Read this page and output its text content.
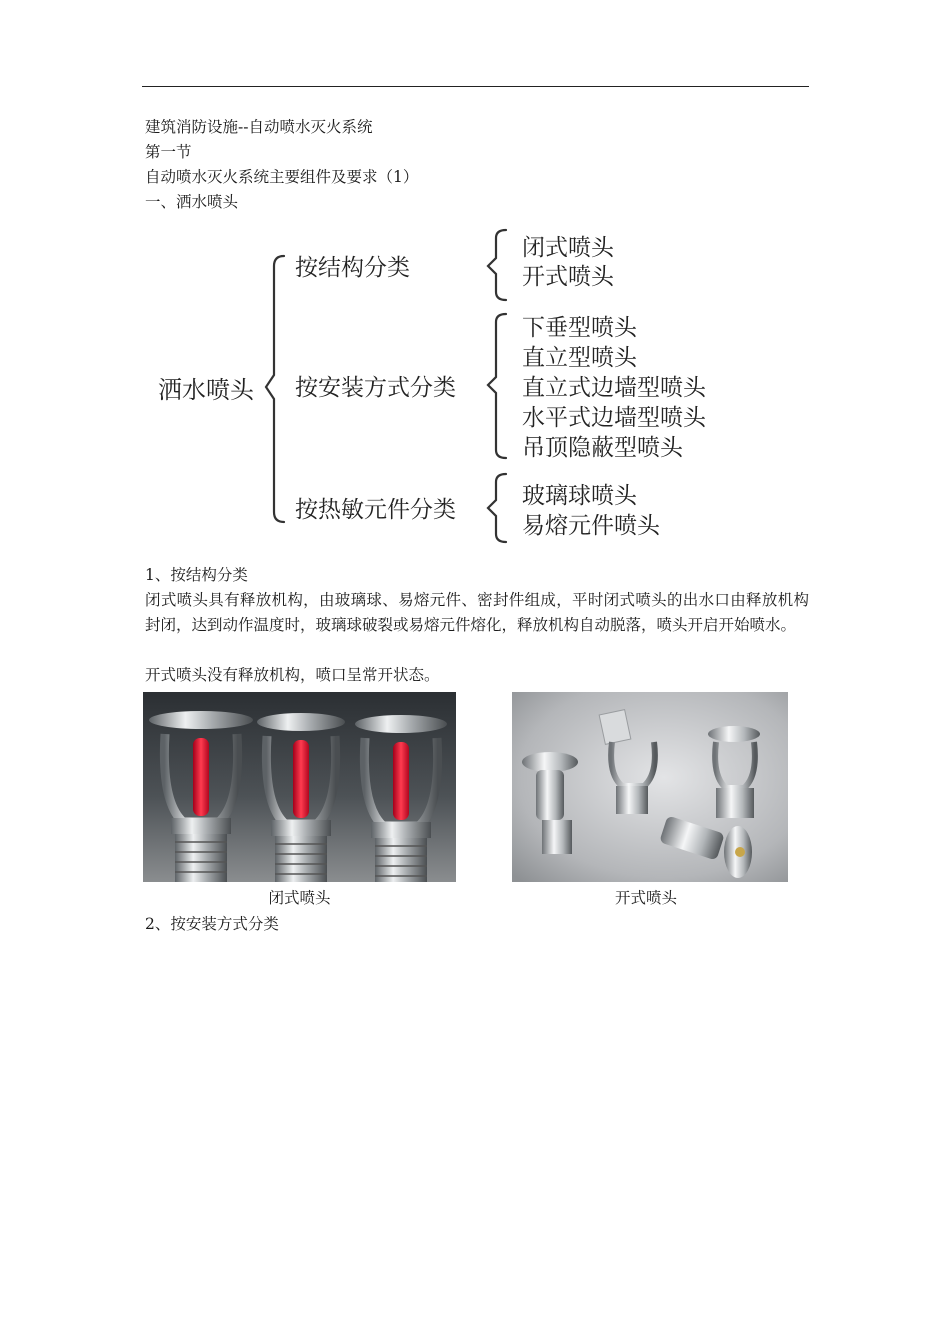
建筑消防设施--自动喷水灭火系统
第一节
自动喷水灭火系统主要组件及要求（1）
一、洒水喷头
洒水喷头
按结构分类
按安装方式分类
按热敏元件分类
闭式喷头
开式喷头
下垂型喷头
直立型喷头
直立式边墙型喷头
水平式边墙型喷头
吊顶隐蔽型喷头
玻璃球喷头
易熔元件喷头
1、按结构分类
闭式喷头具有释放机构，由玻璃球、易熔元件、密封件组成，平时闭式喷头的出水口由释放机构封闭，达到动作温度时，玻璃球破裂或易熔元件熔化，释放机构自动脱落，喷头开启开始喷水。
开式喷头没有释放机构，喷口呈常开状态。
闭式喷头	开式喷头
2、按安装方式分类
